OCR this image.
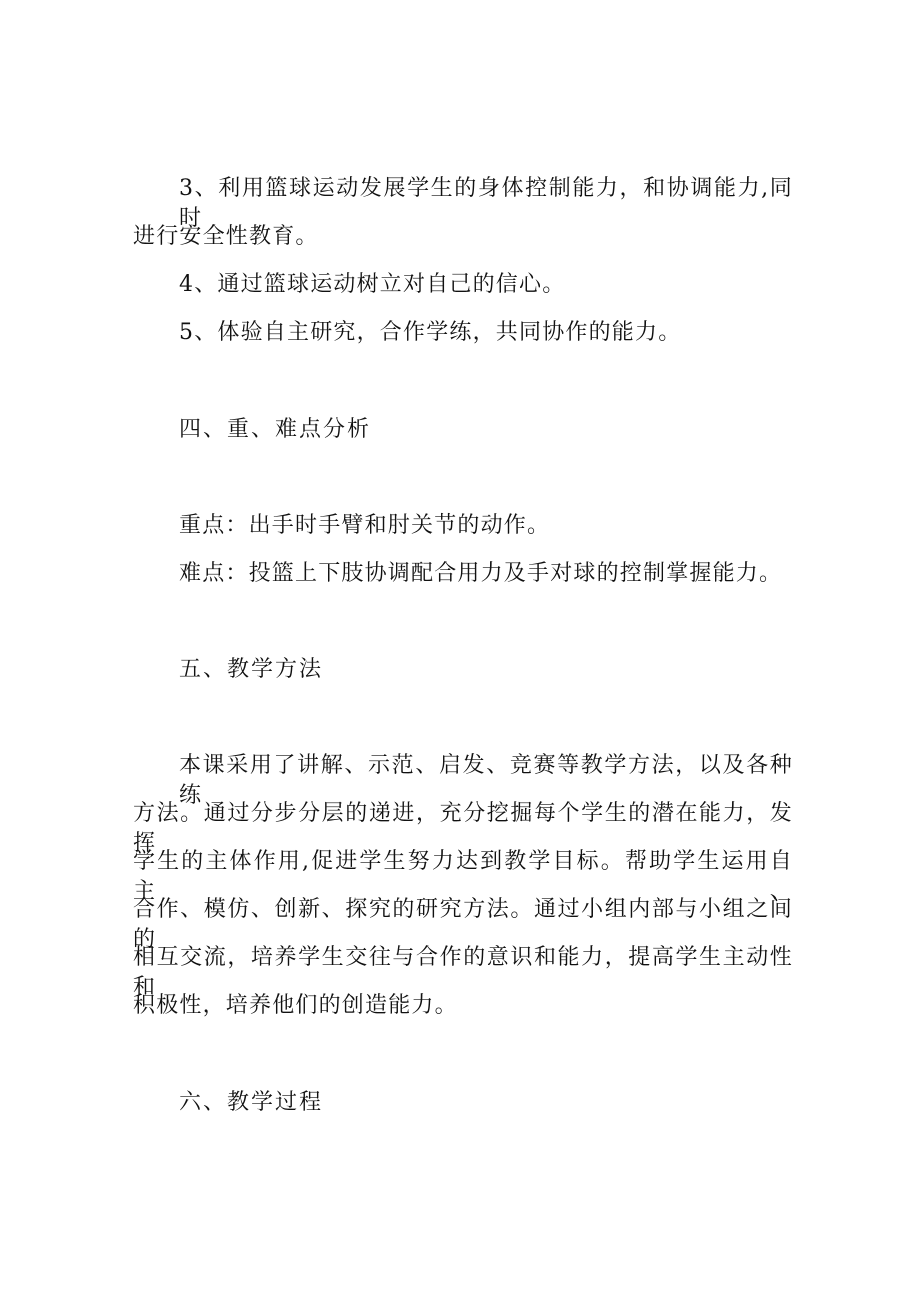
3、利用篮球运动发展学生的身体控制能力，和协调能力,同时
进行安全性教育。
4、通过篮球运动树立对自己的信心。
5、体验自主研究，合作学练，共同协作的能力。
四、重、难点分析
重点：出手时手臂和肘关节的动作。
难点：投篮上下肢协调配合用力及手对球的控制掌握能力。
五、教学方法
本课采用了讲解、示范、启发、竞赛等教学方法，以及各种练
方法。通过分步分层的递进，充分挖掘每个学生的潜在能力，发挥
学生的主体作用,促进学生努力达到教学目标。帮助学生运用自主、
合作、模仿、创新、探究的研究方法。通过小组内部与小组之间的
相互交流，培养学生交往与合作的意识和能力，提高学生主动性和
积极性，培养他们的创造能力。
六、教学过程
